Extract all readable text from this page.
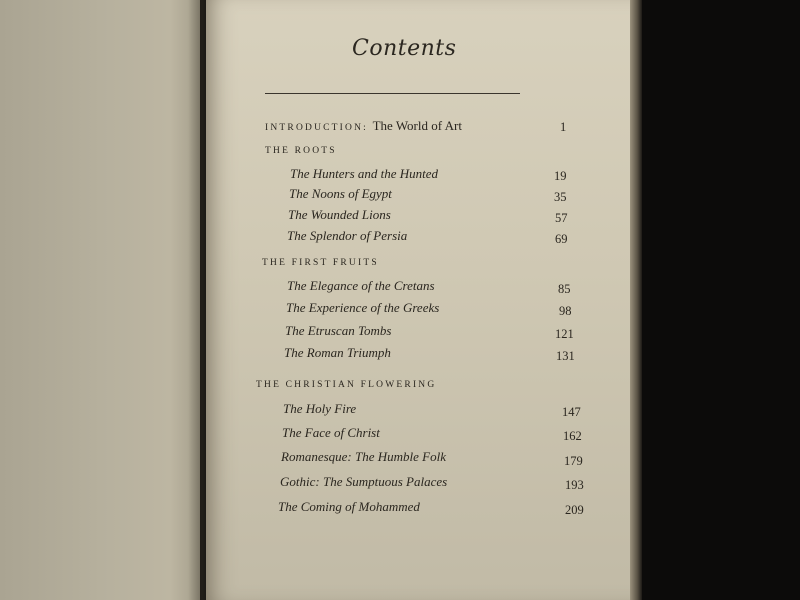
Contents
INTRODUCTION: The World of Art	1
THE ROOTS
The Hunters and the Hunted	19
The Noons of Egypt	35
The Wounded Lions	57
The Splendor of Persia	69
THE FIRST FRUITS
The Elegance of the Cretans	85
The Experience of the Greeks	98
The Etruscan Tombs	121
The Roman Triumph	131
THE CHRISTIAN FLOWERING
The Holy Fire	147
The Face of Christ	162
Romanesque: The Humble Folk	179
Gothic: The Sumptuous Palaces	193
The Coming of Mohammed	209
